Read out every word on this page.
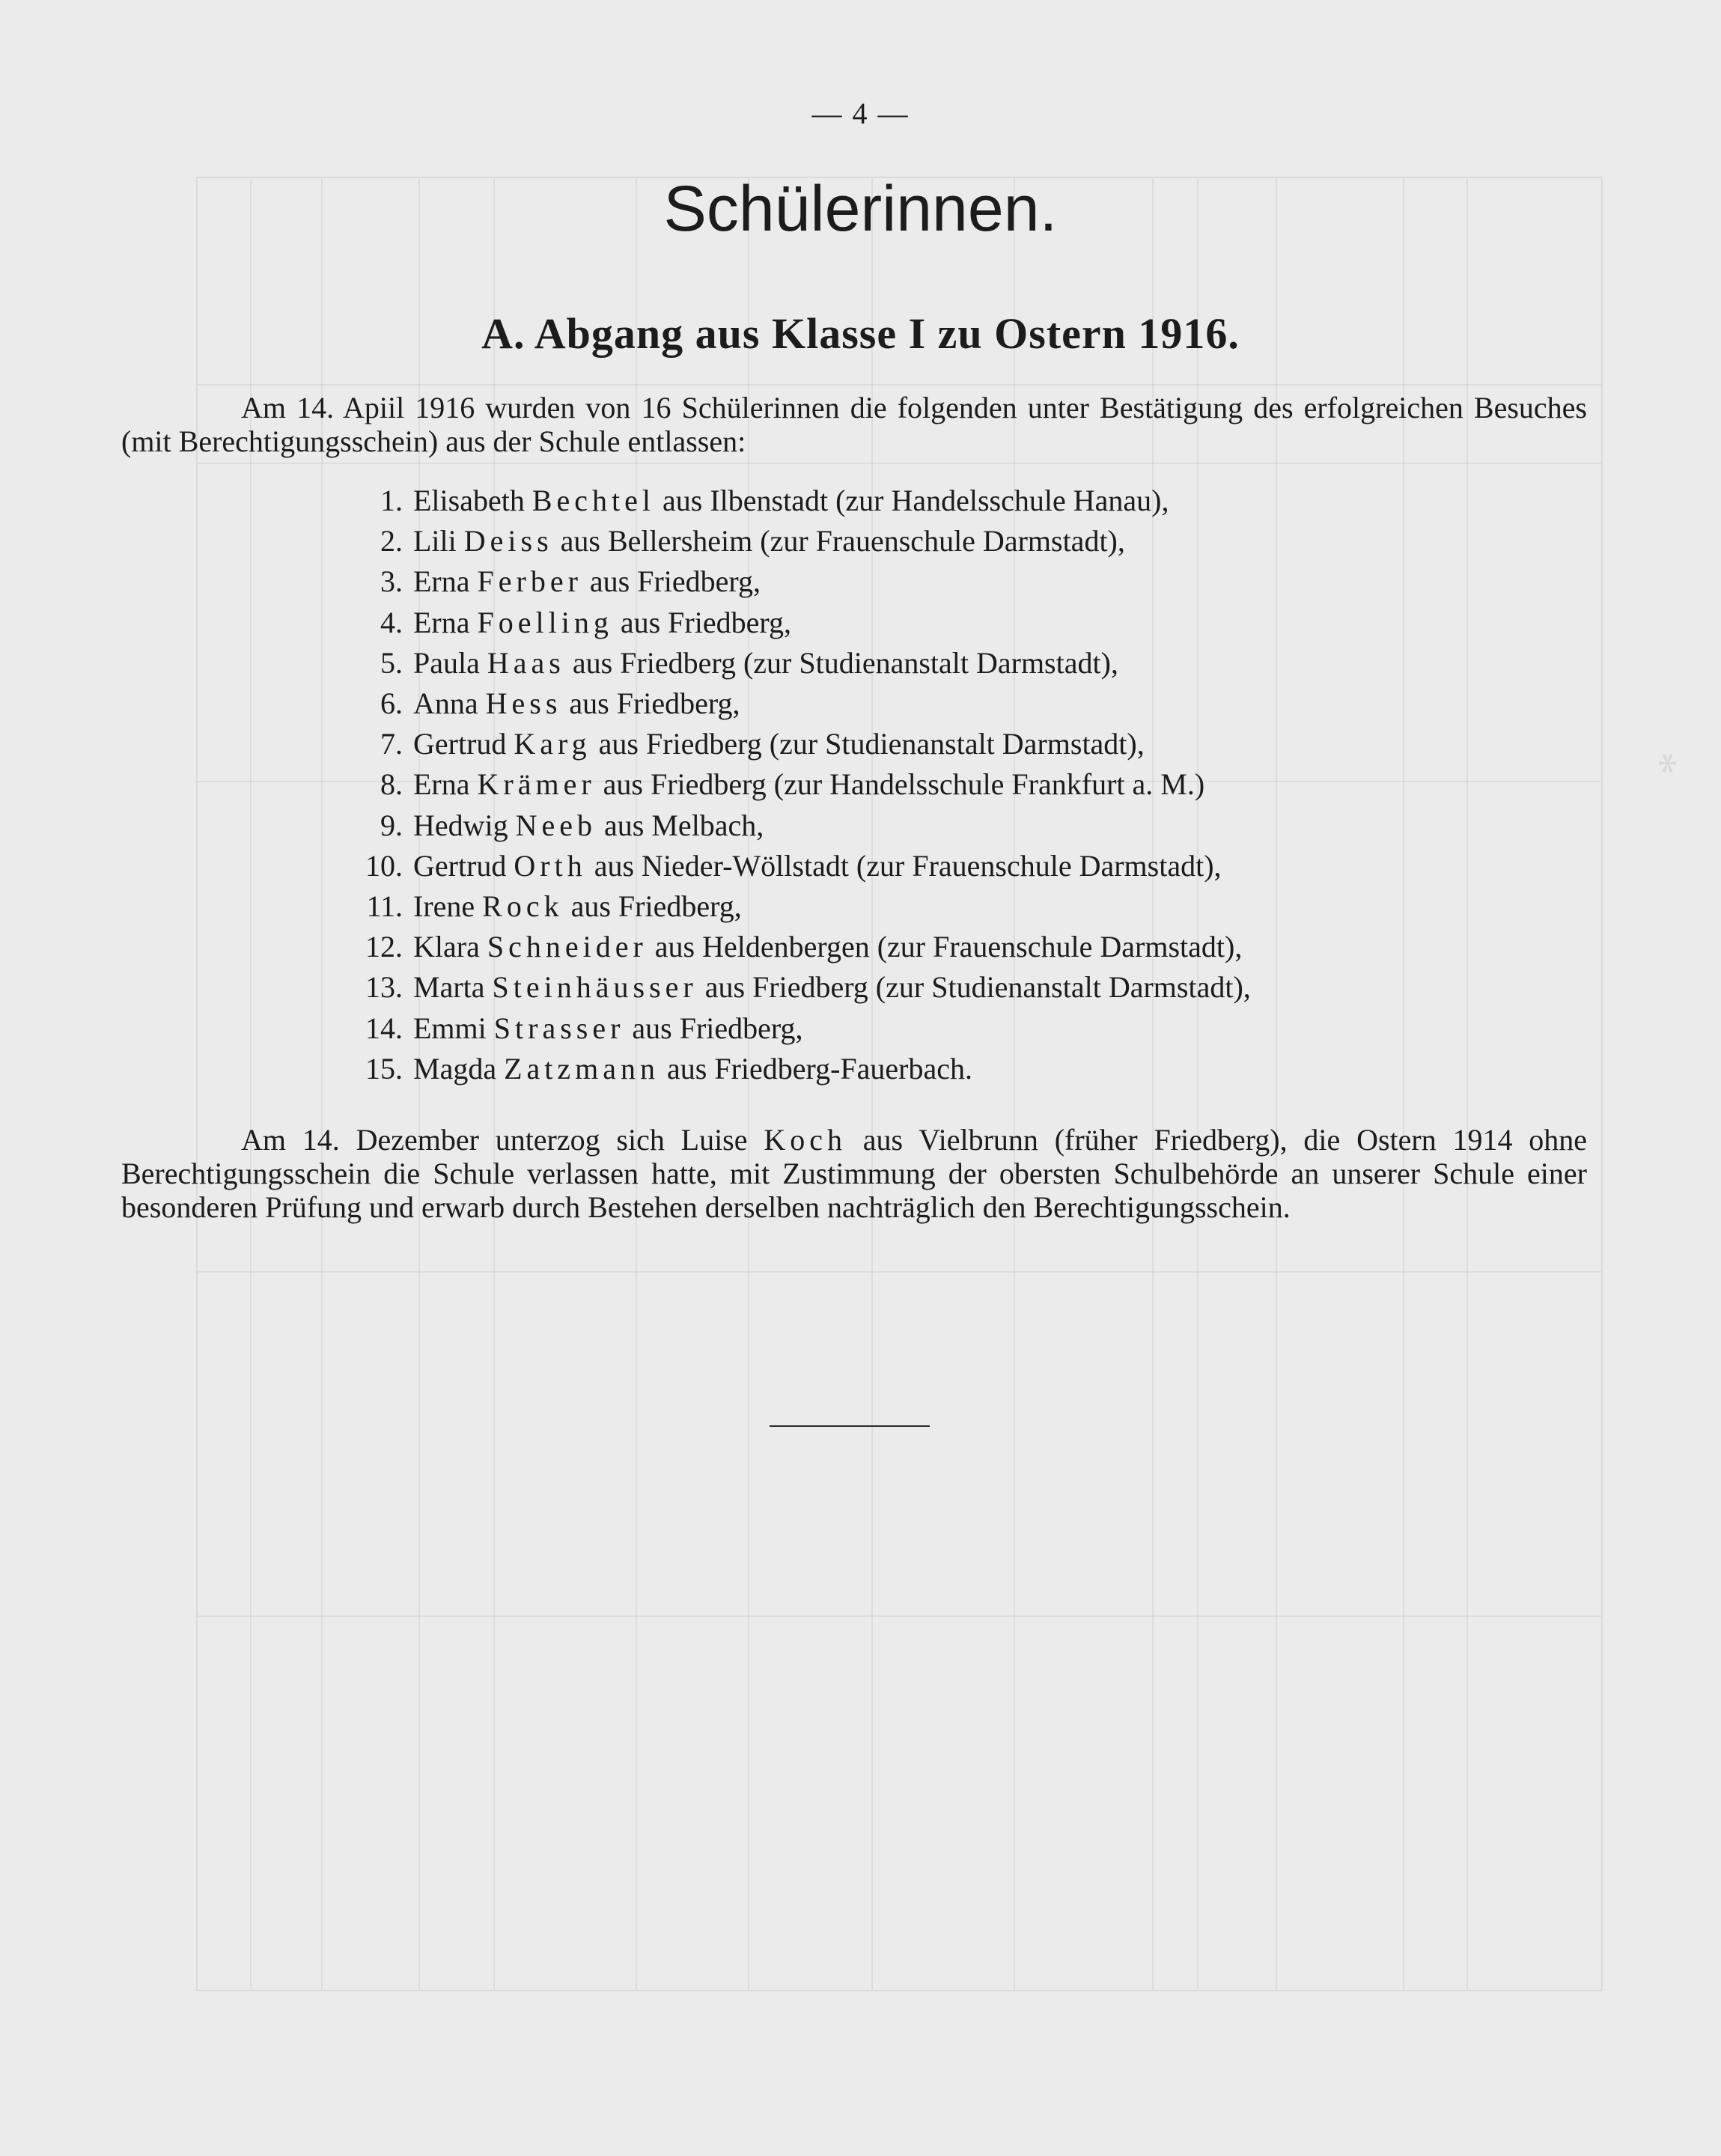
*
— 4 —
Schülerinnen.
A. Abgang aus Klasse I zu Ostern 1916.

Am 14. Apiil 1916 wurden von 16 Schülerinnen die folgenden unter Bestätigung des erfolgreichen Besuches (mit Berechtigungsschein) aus der Schule entlassen:

1. Elisabeth Bechtel aus Ilbenstadt (zur Handelsschule Hanau),
2. Lili Deiss aus Bellersheim (zur Frauenschule Darmstadt),
3. Erna Ferber aus Friedberg,
4. Erna Foelling aus Friedberg,
5. Paula Haas aus Friedberg (zur Studienanstalt Darmstadt),
6. Anna Hess aus Friedberg,
7. Gertrud Karg aus Friedberg (zur Studienanstalt Darmstadt),
8. Erna Krämer aus Friedberg (zur Handelsschule Frankfurt a. M.)
9. Hedwig Neeb aus Melbach,
10. Gertrud Orth aus Nieder-Wöllstadt (zur Frauenschule Darmstadt),
11. Irene Rock aus Friedberg,
12. Klara Schneider aus Heldenbergen (zur Frauenschule Darmstadt),
13. Marta Steinhäusser aus Friedberg (zur Studienanstalt Darmstadt),
14. Emmi Strasser aus Friedberg,
15. Magda Zatzmann aus Friedberg-Fauerbach.

Am 14. Dezember unterzog sich Luise Koch aus Vielbrunn (früher Friedberg), die Ostern 1914 ohne Berechtigungsschein die Schule verlassen hatte, mit Zustimmung der obersten Schulbehörde an unserer Schule einer besonderen Prüfung und erwarb durch Bestehen derselben nachträglich den Berechtigungsschein.
